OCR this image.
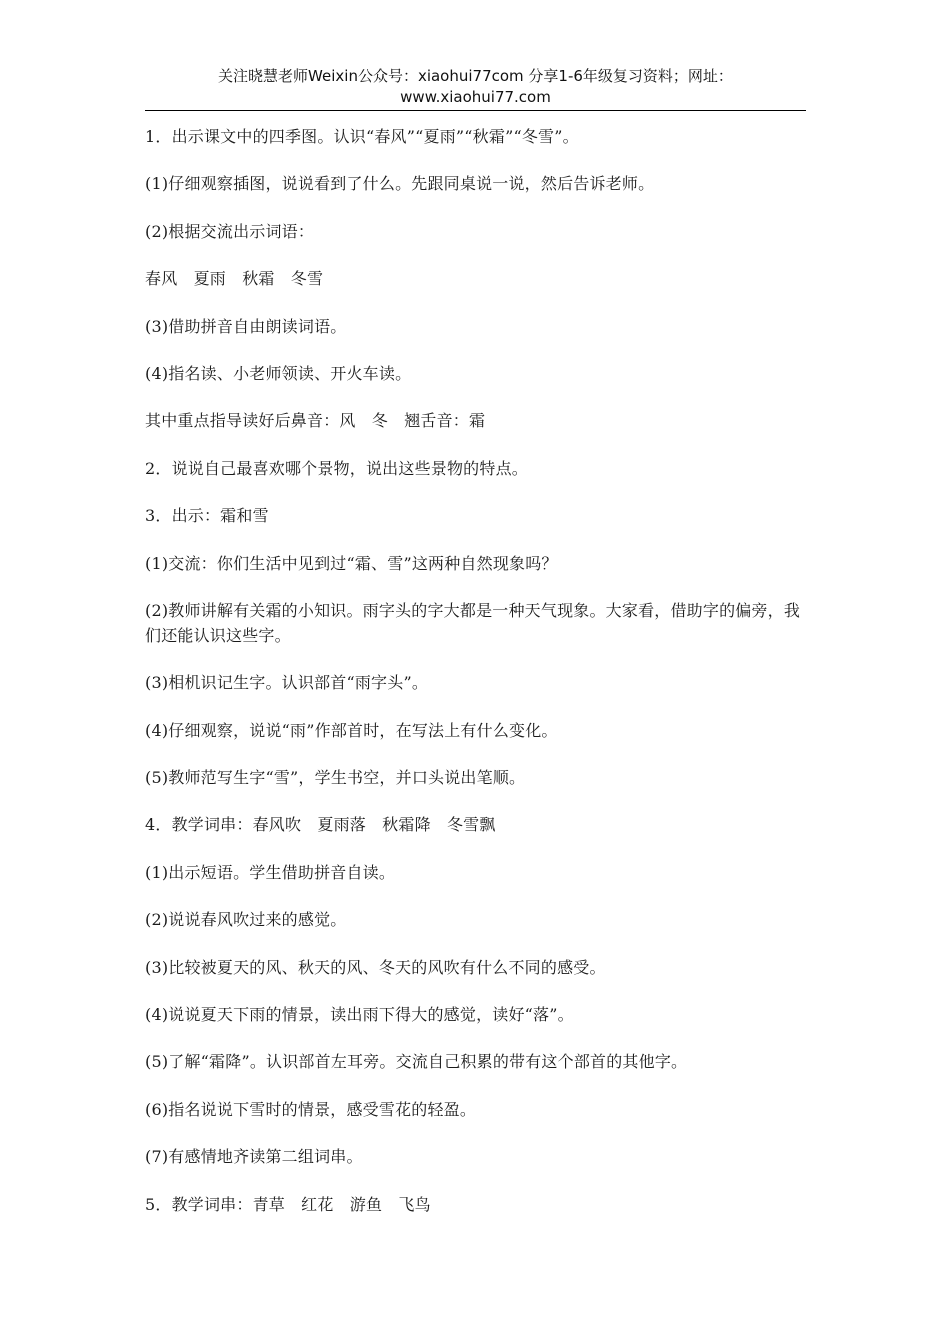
关注晓慧老师Weixin公众号：xiaohui77com 分享1-6年级复习资料；网址：
www.xiaohui77.com

1．出示课文中的四季图。认识“春风”“夏雨”“秋霜”“冬雪”。

(1)仔细观察插图，说说看到了什么。先跟同桌说一说，然后告诉老师。

(2)根据交流出示词语：

春风　夏雨　秋霜　冬雪

(3)借助拼音自由朗读词语。

(4)指名读、小老师领读、开火车读。

其中重点指导读好后鼻音：风　冬　翘舌音：霜

2．说说自己最喜欢哪个景物，说出这些景物的特点。

3．出示：霜和雪

(1)交流：你们生活中见到过“霜、雪”这两种自然现象吗？

(2)教师讲解有关霜的小知识。雨字头的字大都是一种天气现象。大家看，借助字的偏旁，我们还能认识这些字。

(3)相机识记生字。认识部首“雨字头”。

(4)仔细观察，说说“雨”作部首时，在写法上有什么变化。

(5)教师范写生字“雪”，学生书空，并口头说出笔顺。

4．教学词串：春风吹　夏雨落　秋霜降　冬雪飘

(1)出示短语。学生借助拼音自读。

(2)说说春风吹过来的感觉。

(3)比较被夏天的风、秋天的风、冬天的风吹有什么不同的感受。

(4)说说夏天下雨的情景，读出雨下得大的感觉，读好“落”。

(5)了解“霜降”。认识部首左耳旁。交流自己积累的带有这个部首的其他字。

(6)指名说说下雪时的情景，感受雪花的轻盈。

(7)有感情地齐读第二组词串。

5．教学词串：青草　红花　游鱼　飞鸟
